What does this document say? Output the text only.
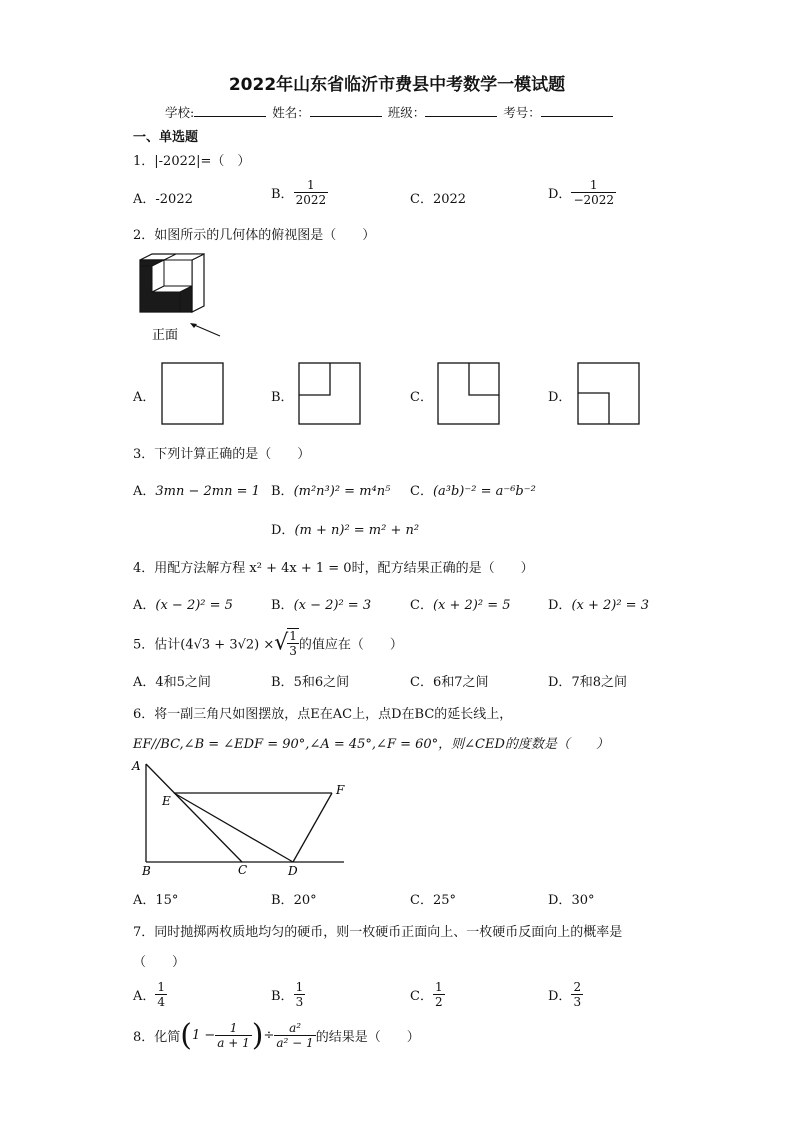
2022年山东省临沂市费县中考数学一模试题
学校:	姓名：	班级：	考号：
一、单选题
1．|-2022|=（　）
A．-2022	B． $\frac{1}{2022}$	C．2022	D． $\frac{1}{-2022}$
2．如图所示的几何体的俯视图是（　　）
正面
A．	B．	C．	D．
3．下列计算正确的是（　　）
A．3mn − 2mn = 1 B．(m²n³)² = m⁴n⁵ C．(a³b)⁻² = a⁻⁶b⁻²
D．(m + n)² = m² + n²
4．用配方法解方程 x² + 4x + 1 = 0时，配方结果正确的是（　　）
A．(x − 2)² = 5	B．(x − 2)² = 3	C．(x + 2)² = 5	D．(x + 2)² = 3
5．估计(4√3 + 3√2) ×√ $\frac{1}{3}$ 的值应在（　　）
A．4和5之间	B．5和6之间	C．6和7之间	D．7和8之间
6．将一副三角尺如图摆放，点E在AC上，点D在BC的延长线上，
EF//BC,∠B = ∠EDF = 90°,∠A = 45°,∠F = 60°，则∠CED的度数是（　　）
A
B	C	D
E
F
A．15°	B．20°	C．25°	D．30°
7．同时抛掷两枚质地均匀的硬币，则一枚硬币正面向上、一枚硬币反面向上的概率是
（　　）
A． $\frac{1}{4}$	B． $\frac{1}{3}$	C． $\frac{1}{2}$	D． $\frac{2}{3}$
8．化简($1 - \frac{1}{a + 1}$ )÷ $\frac{\text{a²}}{\text{a² − 1}}$ 的结果是（　　）
